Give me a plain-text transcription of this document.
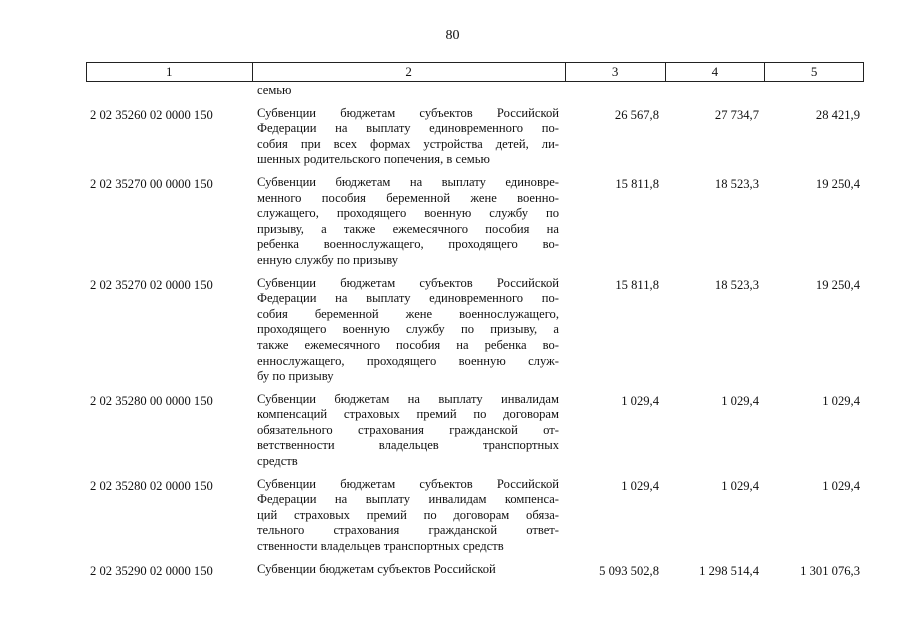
80
1	2	3	4	5
семью
2 02 35260 02 0000 150	Субвенции бюджетам субъектов Российской
Федерации на выплату единовременного по-
собия при всех формах устройства детей, ли-
шенных родительского попечения, в семью
26 567,8	27 734,7	28 421,9
2 02 35270 00 0000 150	Субвенции бюджетам на выплату единовре-
менного пособия беременной жене военно-
служащего, проходящего военную службу по
призыву, а также ежемесячного пособия на
ребенка военнослужащего, проходящего во-
енную службу по призыву
15 811,8	18 523,3	19 250,4
2 02 35270 02 0000 150	Субвенции бюджетам субъектов Российской
Федерации на выплату единовременного по-
собия беременной жене военнослужащего,
проходящего военную службу по призыву, а
также ежемесячного пособия на ребенка во-
еннослужащего, проходящего военную служ-
бу по призыву
15 811,8	18 523,3	19 250,4
2 02 35280 00 0000 150	Субвенции бюджетам на выплату инвалидам
компенсаций страховых премий по договорам
обязательного страхования гражданской от-
ветственности владельцев транспортных
средств
1 029,4	1 029,4	1 029,4
2 02 35280 02 0000 150	Субвенции бюджетам субъектов Российской
Федерации на выплату инвалидам компенса-
ций страховых премий по договорам обяза-
тельного страхования гражданской ответ-
ственности владельцев транспортных средств
1 029,4	1 029,4	1 029,4
2 02 35290 02 0000 150	Субвенции бюджетам субъектов Российской	5 093 502,8	1 298 514,4	1 301 076,3
